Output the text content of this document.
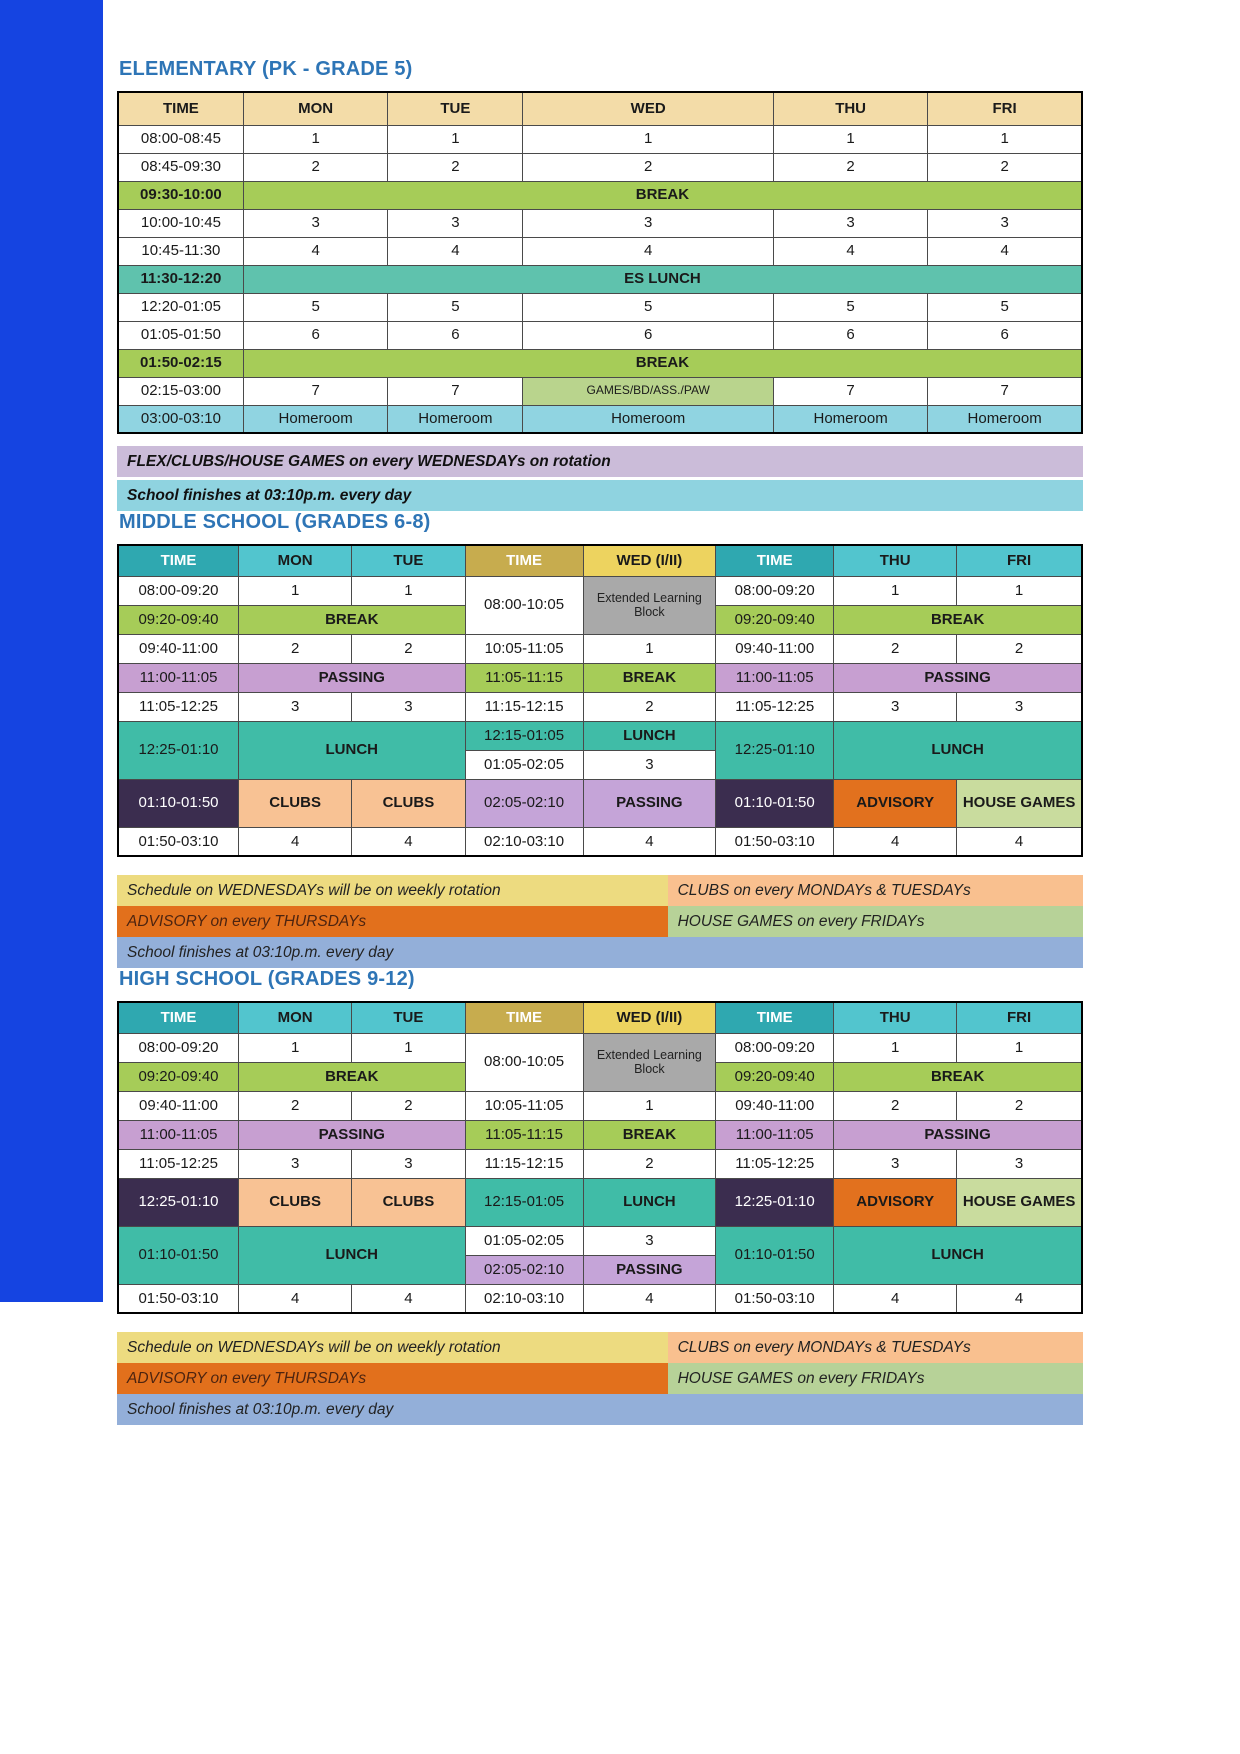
ELEMENTARY (PK - GRADE 5)
TIME	MON	TUE	WED	THU	FRI
08:00-08:45	1	1	1	1	1
08:45-09:30	2	2	2	2	2
09:30-10:00	BREAK				
10:00-10:45	3	3	3	3	3
10:45-11:30	4	4	4	4	4
11:30-12:20	ES LUNCH				
12:20-01:05	5	5	5	5	5
01:05-01:50	6	6	6	6	6
01:50-02:15	BREAK				
02:15-03:00	7	7	GAMES/BD/ASS./PAW	7	7
03:00-03:10	Homeroom	Homeroom	Homeroom	Homeroom	Homeroom
FLEX/CLUBS/HOUSE GAMES on every WEDNESDAYs on rotation
School finishes at 03:10p.m. every day
MIDDLE SCHOOL (GRADES 6-8)
TIME	MON	TUE	TIME	WED (I/II)	TIME	THU	FRI
08:00-09:20	1	1	08:00-10:05	Extended Learning Block	08:00-09:20	1	1
09:20-09:40	BREAK				09:20-09:40	BREAK	
09:40-11:00	2	2	10:05-11:05	1	09:40-11:00	2	2
11:00-11:05	PASSING		11:05-11:15	BREAK	11:00-11:05	PASSING	
11:05-12:25	3	3	11:15-12:15	2	11:05-12:25	3	3
12:25-01:10	LUNCH		12:15-01:05	LUNCH	12:25-01:10	LUNCH	
			01:05-02:05	3			
01:10-01:50	CLUBS	CLUBS	02:05-02:10	PASSING	01:10-01:50	ADVISORY	HOUSE GAMES
01:50-03:10	4	4	02:10-03:10	4	01:50-03:10	4	4
Schedule on WEDNESDAYs will be on weekly rotation	CLUBS on every MONDAYs & TUESDAYs
ADVISORY on every THURSDAYs	HOUSE GAMES on every FRIDAYs
School finishes at 03:10p.m. every day
HIGH SCHOOL (GRADES 9-12)
TIME	MON	TUE	TIME	WED (I/II)	TIME	THU	FRI
08:00-09:20	1	1	08:00-10:05	Extended Learning Block	08:00-09:20	1	1
09:20-09:40	BREAK				09:20-09:40	BREAK	
09:40-11:00	2	2	10:05-11:05	1	09:40-11:00	2	2
11:00-11:05	PASSING		11:05-11:15	BREAK	11:00-11:05	PASSING	
11:05-12:25	3	3	11:15-12:15	2	11:05-12:25	3	3
12:25-01:10	CLUBS	CLUBS	12:15-01:05	LUNCH	12:25-01:10	ADVISORY	HOUSE GAMES
01:10-01:50	LUNCH		01:05-02:05	3	01:10-01:50	LUNCH	
			02:05-02:10	PASSING			
01:50-03:10	4	4	02:10-03:10	4	01:50-03:10	4	4
Schedule on WEDNESDAYs will be on weekly rotation	CLUBS on every MONDAYs & TUESDAYs
ADVISORY on every THURSDAYs	HOUSE GAMES on every FRIDAYs
School finishes at 03:10p.m. every day
